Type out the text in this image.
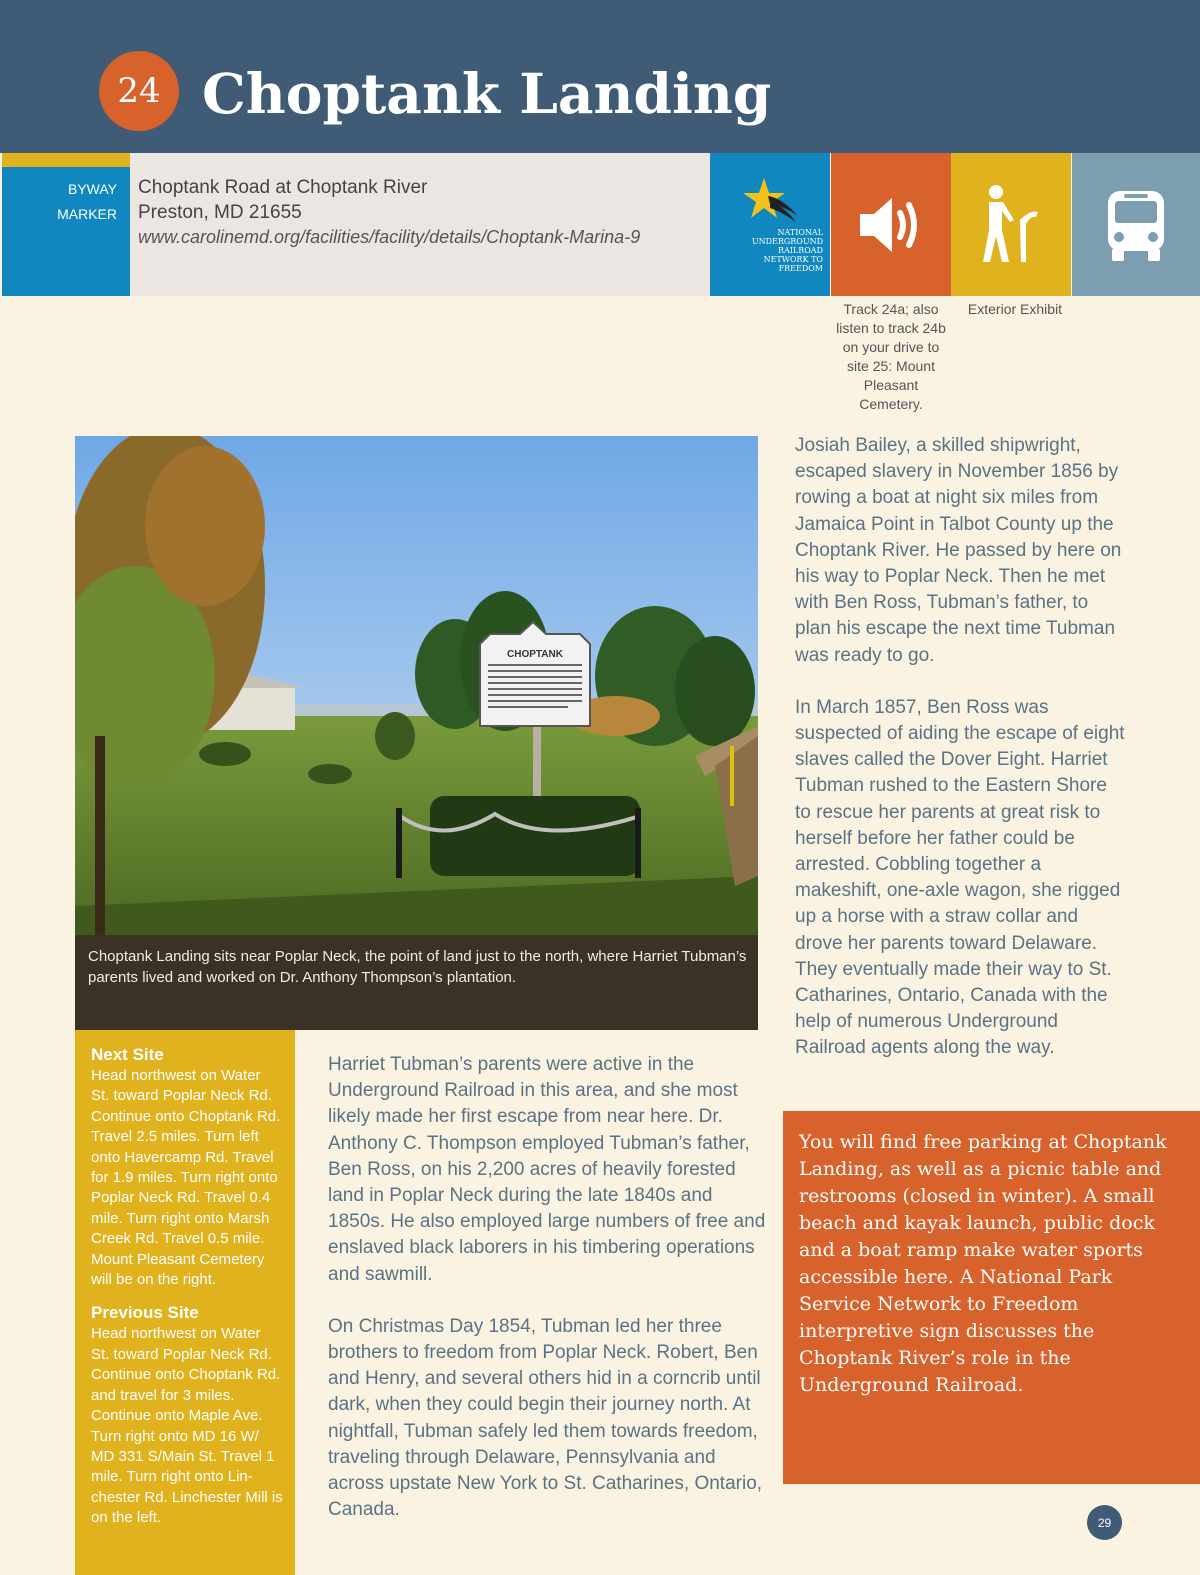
24 Choptank Landing
BYWAY
MARKER
Choptank Road at Choptank River
Preston, MD 21655
www.carolinemd.org/facilities/facility/details/Choptank-Marina-9	NATIONAL
UNDERGROUND RAILROAD
NETWORK TO FREEDOM
Track 24a; also listen to track 24b on your drive to site 25: Mount Pleasant Cemetery.
Exterior Exhibit
CHOPTANK
Choptank Landing sits near Poplar Neck, the point of land just to the north, where Harriet Tubman’s parents lived and worked on Dr. Anthony Thompson’s plantation.
Next Site

Head northwest on Water St. toward Poplar Neck Rd. Continue onto Choptank Rd. Travel 2.5 miles. Turn left onto Havercamp Rd. Travel for 1.9 miles. Turn right onto Poplar Neck Rd. Travel 0.4 mile. Turn right onto Marsh Creek Rd. Travel 0.5 mile. Mount Pleasant Cemetery will be on the right.

Previous Site

Head northwest on Water St. toward Poplar Neck Rd. Continue onto Choptank Rd. and travel for 3 miles. Continue onto Maple Ave. Turn right onto MD 16 W/ MD 331 S/Main St. Travel 1 mile. Turn right onto Lin-chester Rd. Linchester Mill is on the left.

Harriet Tubman’s parents were active in the Underground Railroad in this area, and she most likely made her first escape from near here. Dr. Anthony C. Thompson employed Tubman’s father, Ben Ross, on his 2,200 acres of heavily forested land in Poplar Neck during the late 1840s and 1850s. He also employed large numbers of free and enslaved black laborers in his timbering operations and sawmill.

On Christmas Day 1854, Tubman led her three brothers to freedom from Poplar Neck. Robert, Ben and Henry, and several others hid in a corncrib until dark, when they could begin their journey north. At nightfall, Tubman safely led them towards freedom, traveling through Delaware, Pennsylvania and across upstate New York to St. Catharines, Ontario, Canada.

Josiah Bailey, a skilled shipwright, escaped slavery in November 1856 by rowing a boat at night six miles from Jamaica Point in Talbot County up the Choptank River. He passed by here on his way to Poplar Neck. Then he met with Ben Ross, Tubman’s father, to plan his escape the next time Tubman was ready to go.

In March 1857, Ben Ross was suspected of aiding the escape of eight slaves called the Dover Eight. Harriet Tubman rushed to the Eastern Shore to rescue her parents at great risk to herself before her father could be arrested. Cobbling together a makeshift, one-axle wagon, she rigged up a horse with a straw collar and drove her parents toward Delaware. They eventually made their way to St. Catharines, Ontario, Canada with the help of numerous Underground Railroad agents along the way.

You will find free parking at Choptank Landing, as well as a picnic table and restrooms (closed in winter). A small beach and kayak launch, public dock and a boat ramp make water sports accessible here. A National Park Service Network to Freedom interpretive sign discusses the Choptank River’s role in the Underground Railroad.
29
